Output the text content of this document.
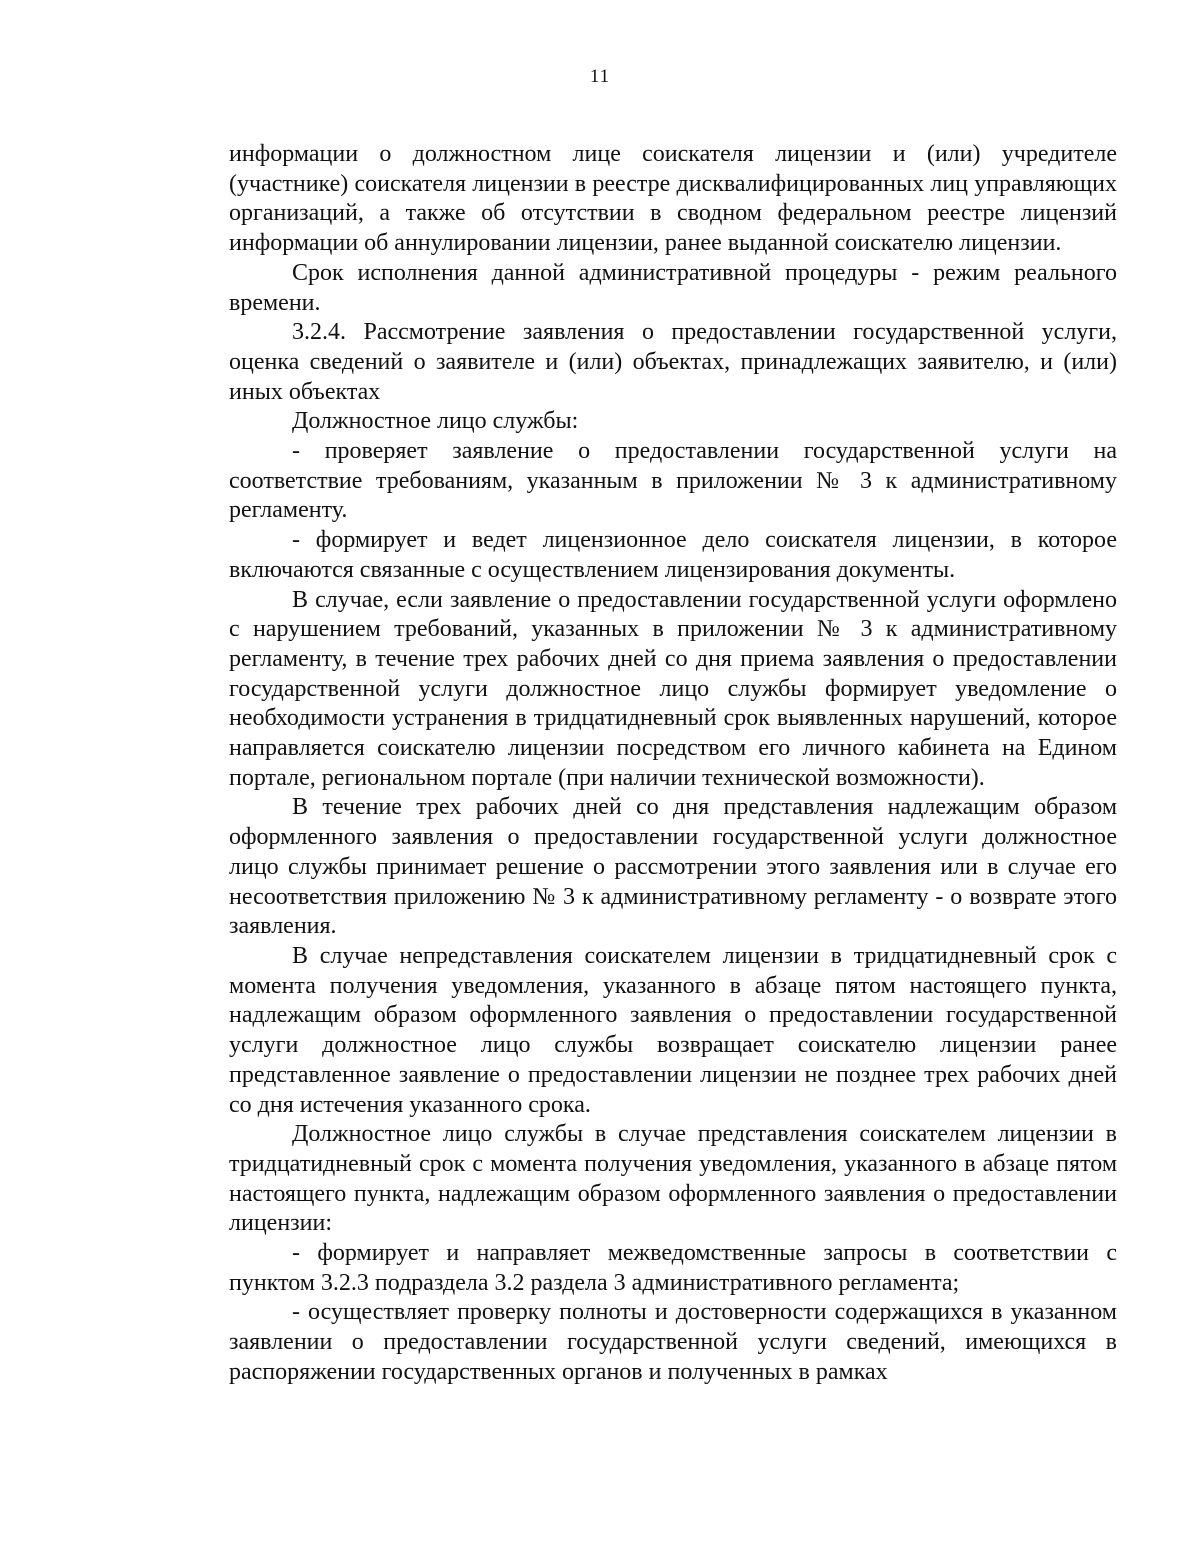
11

информации о должностном лице соискателя лицензии и (или) учредителе (участнике) соискателя лицензии в реестре дисквалифицированных лиц управляющих организаций, а также об отсутствии в сводном федеральном реестре лицензий информации об аннулировании лицензии, ранее выданной соискателю лицензии.

Срок исполнения данной административной процедуры - режим реального времени.

3.2.4. Рассмотрение заявления о предоставлении государственной услуги, оценка сведений о заявителе и (или) объектах, принадлежащих заявителю, и (или) иных объектах

Должностное лицо службы:

- проверяет заявление о предоставлении государственной услуги на соответствие требованиям, указанным в приложении № 3 к административному регламенту.

- формирует и ведет лицензионное дело соискателя лицензии, в которое включаются связанные с осуществлением лицензирования документы.

В случае, если заявление о предоставлении государственной услуги оформлено с нарушением требований, указанных в приложении № 3 к административному регламенту, в течение трех рабочих дней со дня приема заявления о предоставлении государственной услуги должностное лицо службы формирует уведомление о необходимости устранения в тридцатидневный срок выявленных нарушений, которое направляется соискателю лицензии посредством его личного кабинета на Едином портале, региональном портале (при наличии технической возможности).

В течение трех рабочих дней со дня представления надлежащим образом оформленного заявления о предоставлении государственной услуги должностное лицо службы принимает решение о рассмотрении этого заявления или в случае его несоответствия приложению № 3 к административному регламенту - о возврате этого заявления.

В случае непредставления соискателем лицензии в тридцатидневный срок с момента получения уведомления, указанного в абзаце пятом настоящего пункта, надлежащим образом оформленного заявления о предоставлении государственной услуги должностное лицо службы возвращает соискателю лицензии ранее представленное заявление о предоставлении лицензии не позднее трех рабочих дней со дня истечения указанного срока.

Должностное лицо службы в случае представления соискателем лицензии в тридцатидневный срок с момента получения уведомления, указанного в абзаце пятом настоящего пункта, надлежащим образом оформленного заявления о предоставлении лицензии:

- формирует и направляет межведомственные запросы в соответствии с пунктом 3.2.3 подраздела 3.2 раздела 3 административного регламента;

- осуществляет проверку полноты и достоверности содержащихся в указанном заявлении о предоставлении государственной услуги сведений, имеющихся в распоряжении государственных органов и полученных в рамках
